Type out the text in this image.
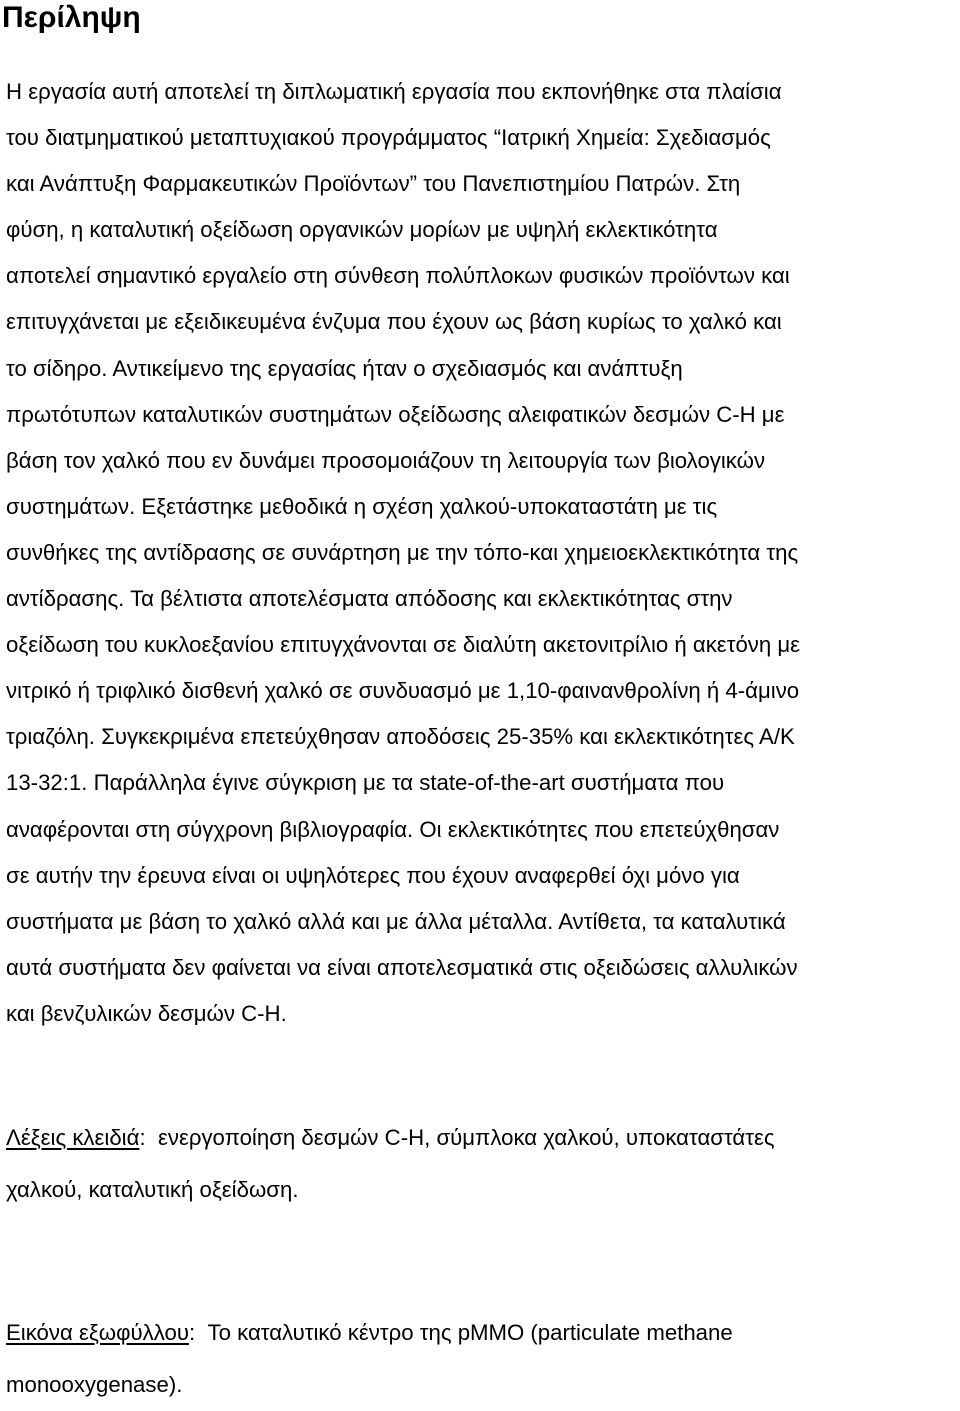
Περίληψη

Η εργασία αυτή αποτελεί τη διπλωματική εργασία που εκπονήθηκε στα πλαίσια
του διατμηματικού μεταπτυχιακού προγράμματος “Ιατρική Χημεία: Σχεδιασμός
και Ανάπτυξη Φαρμακευτικών Προϊόντων” του Πανεπιστημίου Πατρών. Στη
φύση, η καταλυτική οξείδωση οργανικών μορίων με υψηλή εκλεκτικότητα
αποτελεί σημαντικό εργαλείο στη σύνθεση πολύπλοκων φυσικών προϊόντων και
επιτυγχάνεται με εξειδικευμένα ένζυμα που έχουν ως βάση κυρίως το χαλκό και
το σίδηρο. Αντικείμενο της εργασίας ήταν ο σχεδιασμός και ανάπτυξη
πρωτότυπων καταλυτικών συστημάτων οξείδωσης αλειφατικών δεσμών C-H με
βάση τον χαλκό που εν δυνάμει προσομοιάζουν τη λειτουργία των βιολογικών
συστημάτων. Εξετάστηκε μεθοδικά η σχέση χαλκού-υποκαταστάτη με τις
συνθήκες της αντίδρασης σε συνάρτηση με την τόπο-και χημειοεκλεκτικότητα της
αντίδρασης. Τα βέλτιστα αποτελέσματα απόδοσης και εκλεκτικότητας στην
οξείδωση του κυκλοεξανίου επιτυγχάνονται σε διαλύτη ακετονιτρίλιο ή ακετόνη με
νιτρικό ή τριφλικό δισθενή χαλκό σε συνδυασμό με 1,10-φαινανθρολίνη ή 4-άμινο
τριαζόλη. Συγκεκριμένα επετεύχθησαν αποδόσεις 25-35% και εκλεκτικότητες Α/Κ
13-32:1. Παράλληλα έγινε σύγκριση με τα state-of-the-art συστήματα που
αναφέρονται στη σύγχρονη βιβλιογραφία. Οι εκλεκτικότητες που επετεύχθησαν
σε αυτήν την έρευνα είναι οι υψηλότερες που έχουν αναφερθεί όχι μόνο για
συστήματα με βάση το χαλκό αλλά και με άλλα μέταλλα. Αντίθετα, τα καταλυτικά
αυτά συστήματα δεν φαίνεται να είναι αποτελεσματικά στις οξειδώσεις αλλυλικών
και βενζυλικών δεσμών C-H.

Λέξεις κλειδιά: ενεργοποίηση δεσμών C-H, σύμπλοκα χαλκού, υποκαταστάτες
χαλκού, καταλυτική οξείδωση.

Εικόνα εξωφύλλου: Το καταλυτικό κέντρο της pMMO (particulate methane
monooxygenase).
